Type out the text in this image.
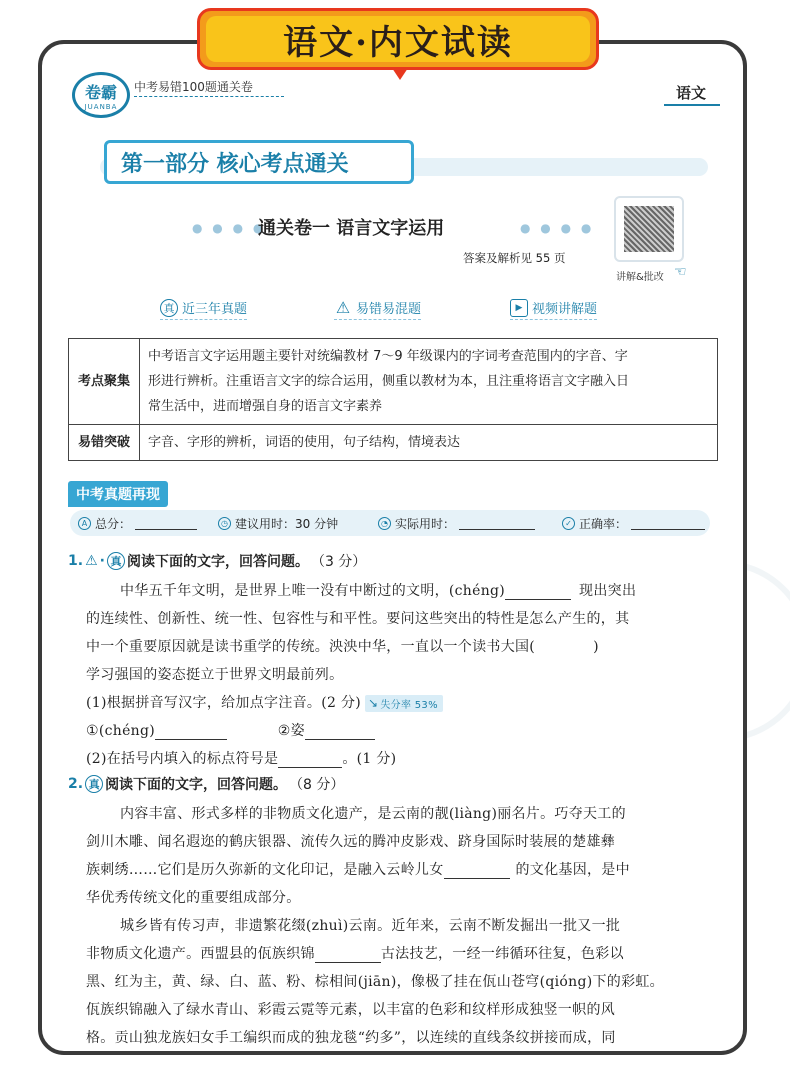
语文·内文试读
卷霸
JUANBA
中考易错100题通关卷	语文
第一部分 核心考点通关
● ● ● ●
通关卷一 语言文字运用	● ● ● ●
答案及解析见 55 页
讲解&批改 ☜
真 近三年真题	⚠ 易错易混题	▶ 视频讲解题
考点聚集	中考语言文字运用题主要针对统编教材 7～9 年级课内的字词考查范围内的字音、字
形进行辨析。注重语言文字的综合运用，侧重以教材为本，且注重将语言文字融入日
常生活中，进而增强自身的语言文字素养

易错突破	字音、字形的辨析，词语的使用，句子结构，情境表达
中考真题再现
A 总分：	◷ 建议用时：30 分钟	◔ 实际用时：	✓ 正确率：
1. ⚠ · 真 阅读下面的文字，回答问题。 （3 分）
中华五千年文明，是世界上唯一没有中断过的文明，(chéng)	现出突出
的连续性、创新性、统一性、包容性与和平性。要问这些突出的特性是怎么产生的，其
中一个重要原因就是读书重学的传统。泱泱中华，一直以一个读书大国(	)
学习强国的姿态挺立于世界文明最前列。
(1)根据拼音写汉字，给加点字注音。(2 分) ↘ 失分率 53%
①(chéng)	②姿
(2)在括号内填入的标点符号是	。(1 分)
2. 真 阅读下面的文字，回答问题。 （8 分）
内容丰富、形式多样的非物质文化遗产，是云南的靓(liàng)丽名片。巧夺天工的
剑川木雕、闻名遐迩的鹤庆银器、流传久远的腾冲皮影戏、跻身国际时装展的楚雄彝
族刺绣……它们是历久弥新的文化印记，是融入云岭儿女	的文化基因，是中
华优秀传统文化的重要组成部分。
城乡皆有传习声，非遗繁花缀(zhuì)云南。近年来，云南不断发掘出一批又一批
非物质文化遗产。西盟县的佤族织锦	古法技艺，一经一纬循环往复，色彩以
黑、红为主，黄、绿、白、蓝、粉、棕相间(jiān)，像极了挂在佤山苍穹(qióng)下的彩虹。
佤族织锦融入了绿水青山、彩霞云霓等元素，以丰富的色彩和纹样形成独竖一帜的风
格。贡山独龙族妇女手工编织而成的独龙毯“约多”，以连续的直线条纹拼接而成，同
